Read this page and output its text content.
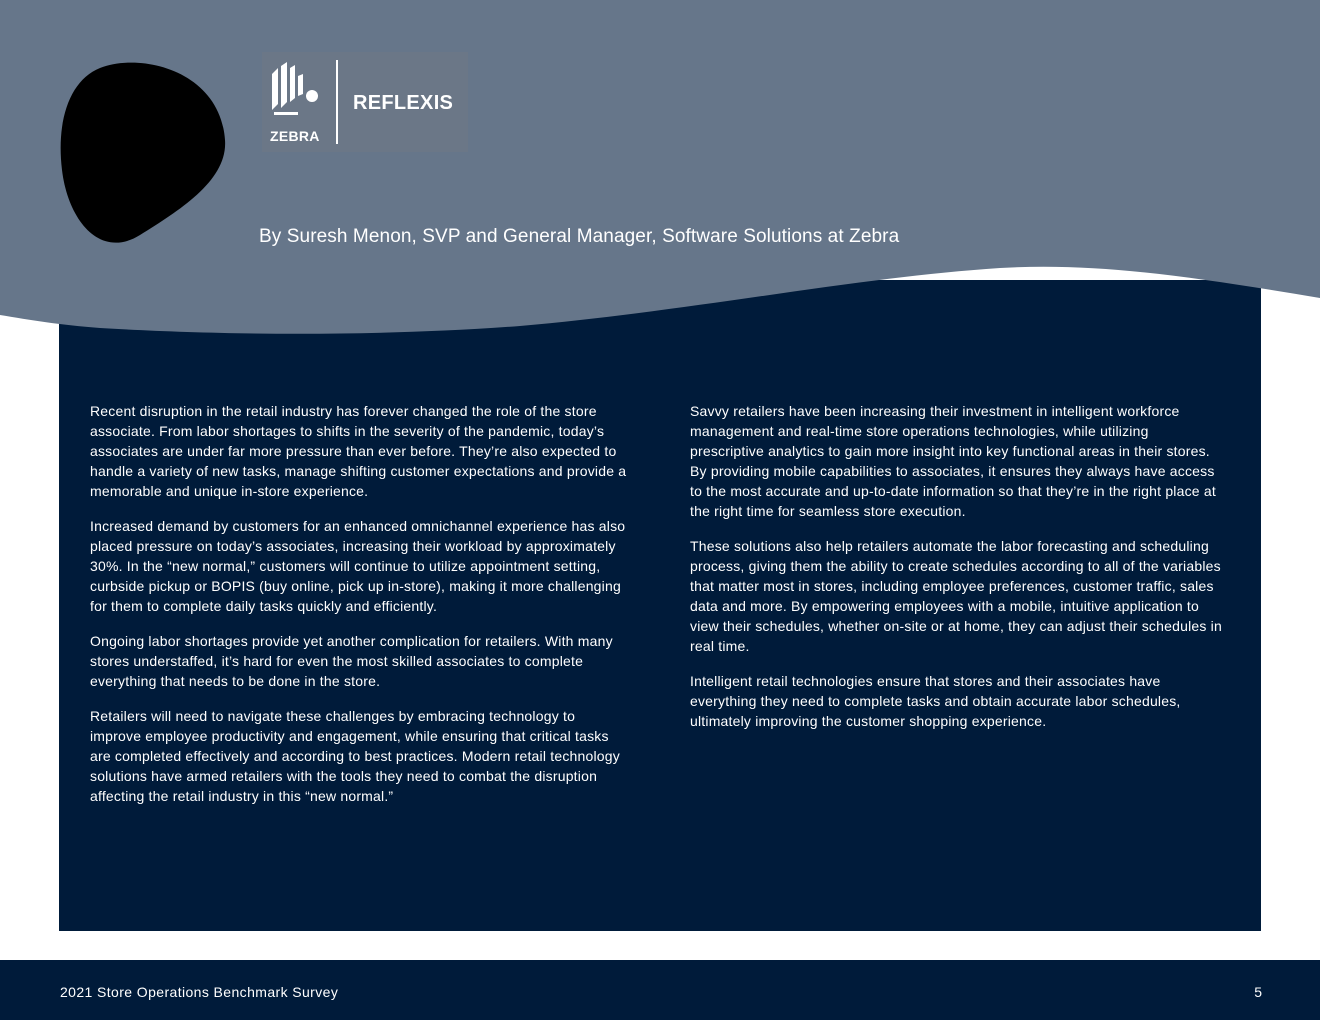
ZEBRA
REFLEXIS
By Suresh Menon, SVP and General Manager, Software Solutions at Zebra

Recent disruption in the retail industry has forever changed the role of the store associate. From labor shortages to shifts in the severity of the pandemic, today’s associates are under far more pressure than ever before. They’re also expected to handle a variety of new tasks, manage shifting customer expectations and provide a memorable and unique in-store experience.

Increased demand by customers for an enhanced omnichannel experience has also placed pressure on today’s associates, increasing their workload by approximately 30%. In the “new normal,” customers will continue to utilize appointment setting, curbside pickup or BOPIS (buy online, pick up in-store), making it more challenging for them to complete daily tasks quickly and efficiently.

Ongoing labor shortages provide yet another complication for retailers. With many stores understaffed, it’s hard for even the most skilled associates to complete everything that needs to be done in the store.

Retailers will need to navigate these challenges by embracing technology to improve employee productivity and engagement, while ensuring that critical tasks are completed effectively and according to best practices. Modern retail technology solutions have armed retailers with the tools they need to combat the disruption affecting the retail industry in this “new normal.”

Savvy retailers have been increasing their investment in intelligent workforce management and real-time store operations technologies, while utilizing prescriptive analytics to gain more insight into key functional areas in their stores. By providing mobile capabilities to associates, it ensures they always have access to the most accurate and up-to-date information so that they’re in the right place at the right time for seamless store execution.

These solutions also help retailers automate the labor forecasting and scheduling process, giving them the ability to create schedules according to all of the variables that matter most in stores, including employee preferences, customer traffic, sales data and more. By empowering employees with a mobile, intuitive application to view their schedules, whether on-site or at home, they can adjust their schedules in real time.

Intelligent retail technologies ensure that stores and their associates have everything they need to complete tasks and obtain accurate labor schedules, ultimately improving the customer shopping experience.

2021 Store Operations Benchmark Survey	5
